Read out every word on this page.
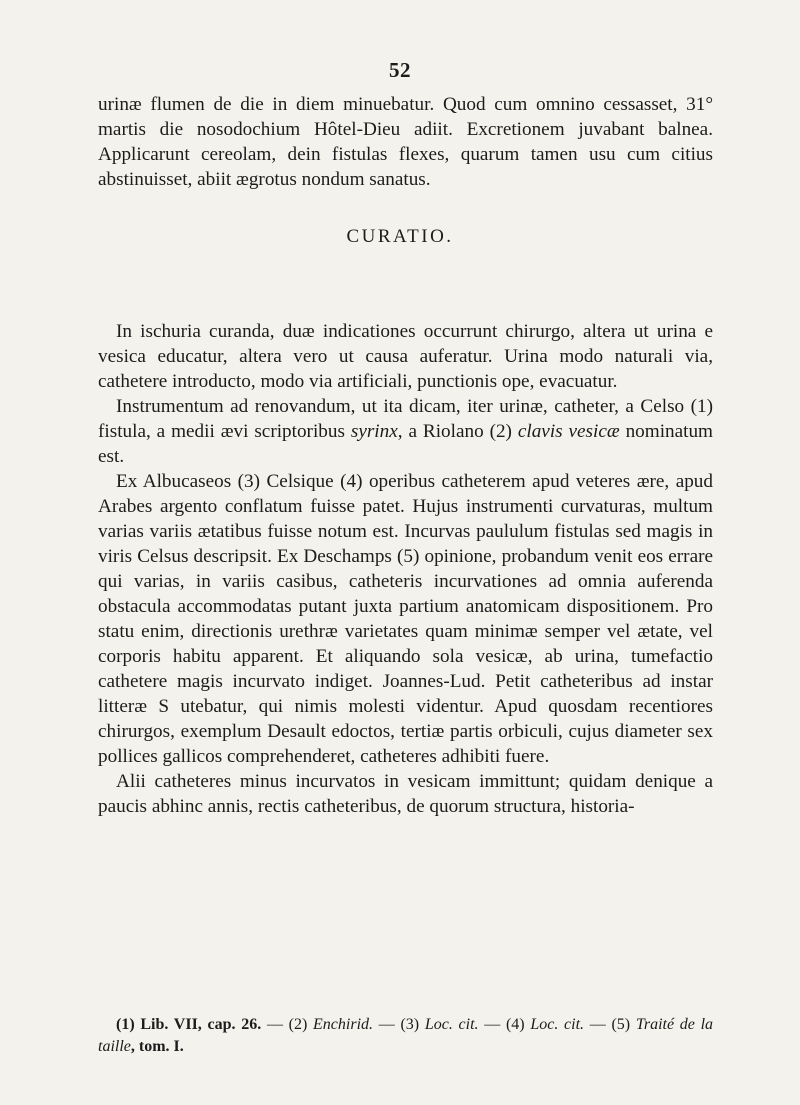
52

urinæ flumen de die in diem minuebatur. Quod cum omnino cessasset, 31° martis die nosodochium Hôtel-Dieu adiit. Excretionem juvabant balnea. Applicarunt cereolam, dein fistulas flexes, quarum tamen usu cum citius abstinuisset, abiit ægrotus nondum sanatus.

CURATIO.

In ischuria curanda, duæ indicationes occurrunt chirurgo, altera ut urina e vesica educatur, altera vero ut causa auferatur. Urina modo naturali via, cathetere introducto, modo via artificiali, punctionis ope, evacuatur.

Instrumentum ad renovandum, ut ita dicam, iter urinæ, catheter, a Celso (1) fistula, a medii ævi scriptoribus syrinx, a Riolano (2) clavis vesicæ nominatum est.

Ex Albucaseos (3) Celsique (4) operibus catheterem apud veteres ære, apud Arabes argento conflatum fuisse patet. Hujus instrumenti curvaturas, multum varias variis ætatibus fuisse notum est. Incurvas paululum fistulas sed magis in viris Celsus descripsit. Ex Deschamps (5) opinione, probandum venit eos errare qui varias, in variis casibus, catheteris incurvationes ad omnia auferenda obstacula accommodatas putant juxta partium anatomicam dispositionem. Pro statu enim, directionis urethræ varietates quam minimæ semper vel ætate, vel corporis habitu apparent. Et aliquando sola vesicæ, ab urina, tumefactio cathetere magis incurvato indiget. Joannes-Lud. Petit catheteribus ad instar litteræ S utebatur, qui nimis molesti videntur. Apud quosdam recentiores chirurgos, exemplum Desault edoctos, tertiæ partis orbiculi, cujus diameter sex pollices gallicos comprehenderet, catheteres adhibiti fuere.

Alii catheteres minus incurvatos in vesicam immittunt; quidam denique a paucis abhinc annis, rectis catheteribus, de quorum structura, historia-

(1) Lib. VII, cap. 26. — (2) Enchirid. — (3) Loc. cit. — (4) Loc. cit. — (5) Traité de la taille, tom. I.
